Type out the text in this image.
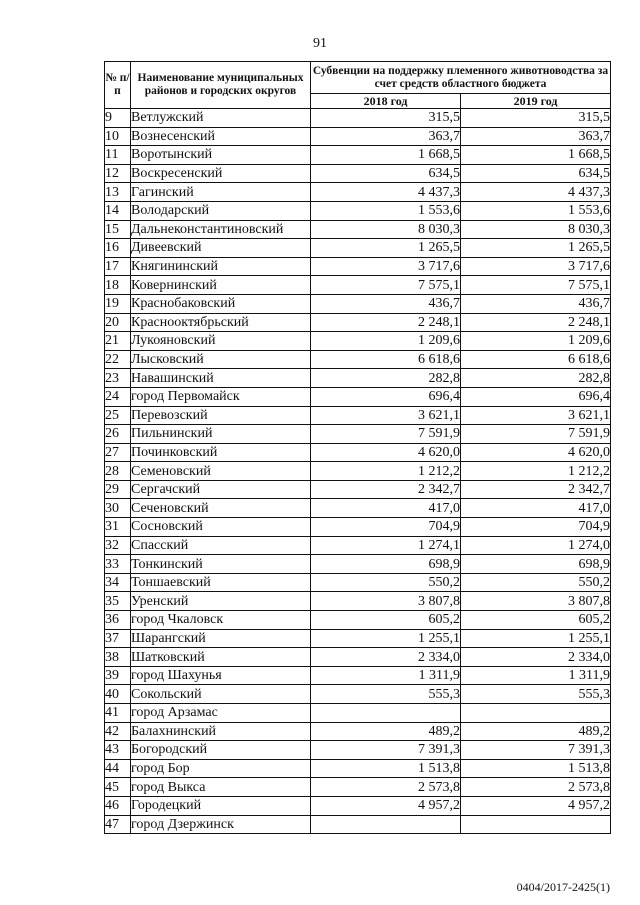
91
№ п/п	Наименование муниципальных районов и городских округов	Субвенции на поддержку племенного животноводства за счет средств областного бюджета	
		2018 год	2019 год
9	Ветлужский	315,5	315,5
10	Вознесенский	363,7	363,7
11	Воротынский	1 668,5	1 668,5
12	Воскресенский	634,5	634,5
13	Гагинский	4 437,3	4 437,3
14	Володарский	1 553,6	1 553,6
15	Дальнеконстантиновский	8 030,3	8 030,3
16	Дивеевский	1 265,5	1 265,5
17	Княгининский	3 717,6	3 717,6
18	Ковернинский	7 575,1	7 575,1
19	Краснобаковский	436,7	436,7
20	Краснооктябрьский	2 248,1	2 248,1
21	Лукояновский	1 209,6	1 209,6
22	Лысковский	6 618,6	6 618,6
23	Навашинский	282,8	282,8
24	город Первомайск	696,4	696,4
25	Перевозский	3 621,1	3 621,1
26	Пильнинский	7 591,9	7 591,9
27	Починковский	4 620,0	4 620,0
28	Семеновский	1 212,2	1 212,2
29	Сергачский	2 342,7	2 342,7
30	Сеченовский	417,0	417,0
31	Сосновский	704,9	704,9
32	Спасский	1 274,1	1 274,0
33	Тонкинский	698,9	698,9
34	Тоншаевский	550,2	550,2
35	Уренский	3 807,8	3 807,8
36	город Чкаловск	605,2	605,2
37	Шарангский	1 255,1	1 255,1
38	Шатковский	2 334,0	2 334,0
39	город Шахунья	1 311,9	1 311,9
40	Сокольский	555,3	555,3
41	город Арзамас		
42	Балахнинский	489,2	489,2
43	Богородский	7 391,3	7 391,3
44	город Бор	1 513,8	1 513,8
45	город Выкса	2 573,8	2 573,8
46	Городецкий	4 957,2	4 957,2
47	город Дзержинск		
0404/2017-2425(1)
